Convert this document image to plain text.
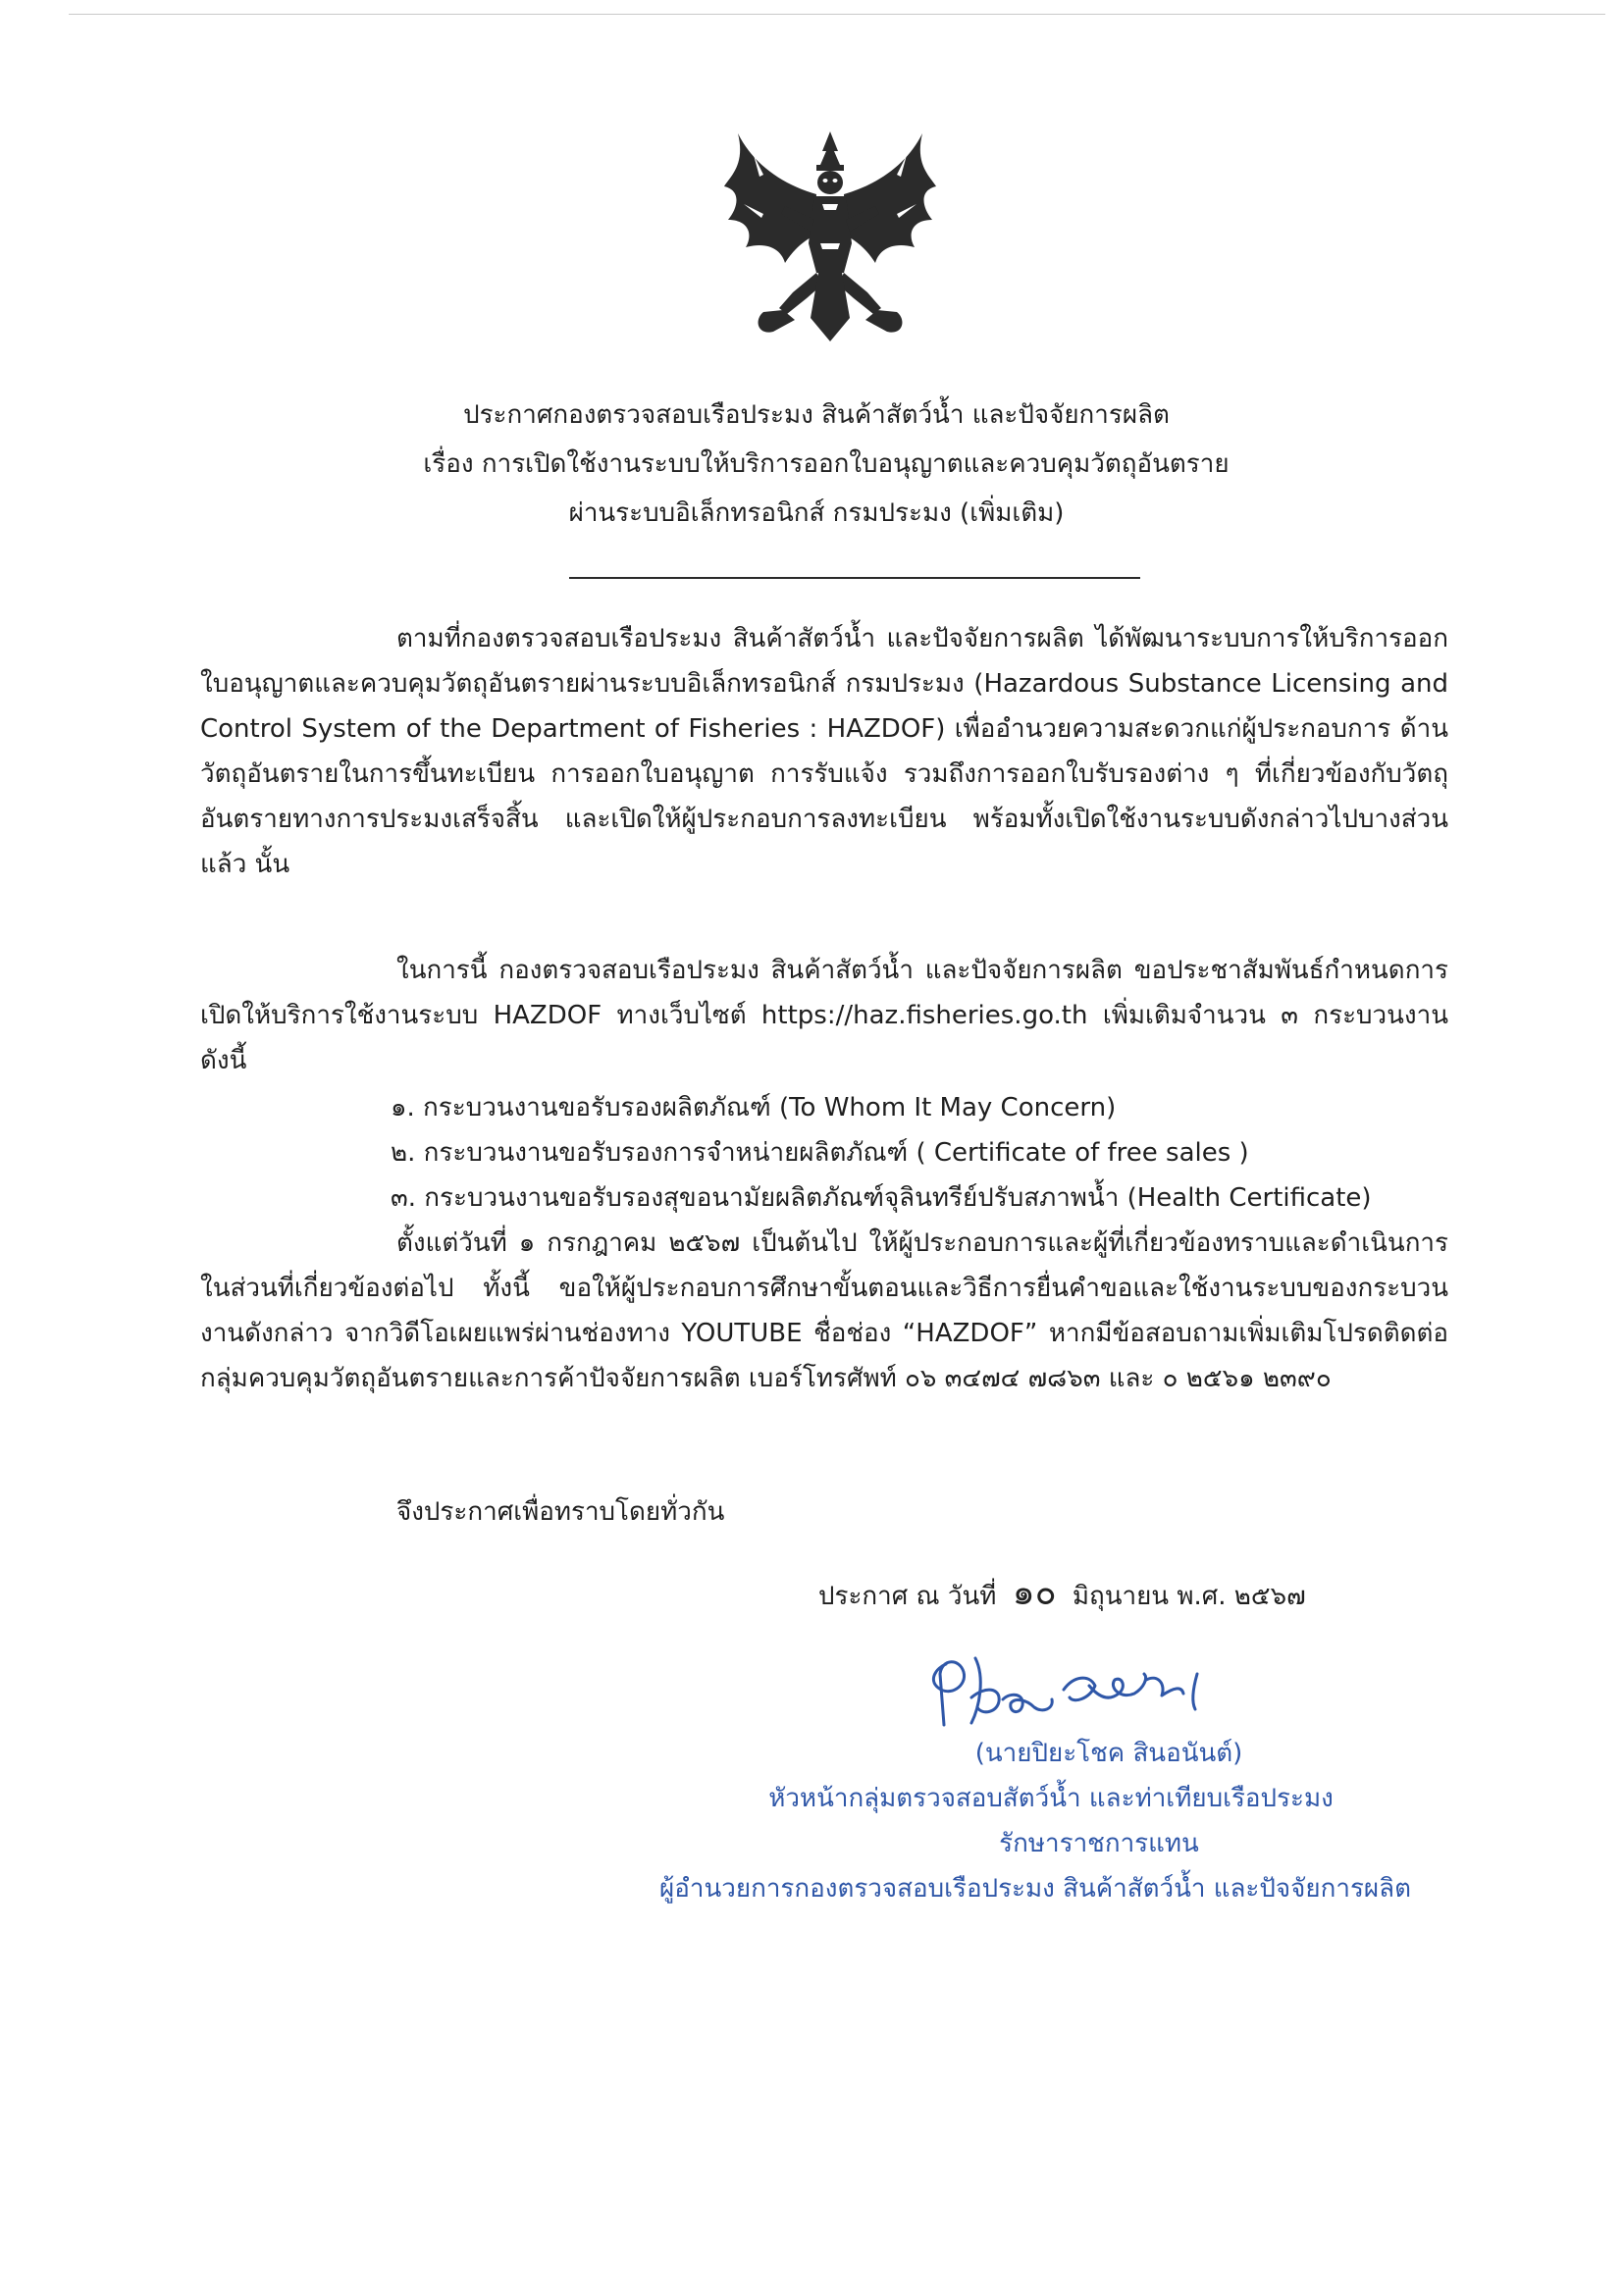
ประกาศกองตรวจสอบเรือประมง สินค้าสัตว์น้ำ และปัจจัยการผลิต
เรื่อง การเปิดใช้งานระบบให้บริการออกใบอนุญาตและควบคุมวัตถุอันตราย
ผ่านระบบอิเล็กทรอนิกส์ กรมประมง (เพิ่มเติม)
ตามที่กองตรวจสอบเรือประมง สินค้าสัตว์น้ำ และปัจจัยการผลิต ได้พัฒนาระบบการให้บริการออกใบอนุญาตและควบคุมวัตถุอันตรายผ่านระบบอิเล็กทรอนิกส์ กรมประมง (Hazardous Substance Licensing and Control System of the Department of Fisheries : HAZDOF) เพื่ออำนวยความสะดวกแก่ผู้ประกอบการ ด้านวัตถุอันตรายในการขึ้นทะเบียน การออกใบอนุญาต การรับแจ้ง รวมถึงการออกใบรับรองต่าง ๆ ที่เกี่ยวข้องกับวัตถุอันตรายทางการประมงเสร็จสิ้น และเปิดให้ผู้ประกอบการลงทะเบียน พร้อมทั้งเปิดใช้งานระบบดังกล่าวไปบางส่วนแล้ว นั้น
ในการนี้ กองตรวจสอบเรือประมง สินค้าสัตว์น้ำ และปัจจัยการผลิต ขอประชาสัมพันธ์กำหนดการเปิดให้บริการใช้งานระบบ HAZDOF ทางเว็บไซต์ https://haz.fisheries.go.th เพิ่มเติมจำนวน ๓ กระบวนงาน ดังนี้
๑. กระบวนงานขอรับรองผลิตภัณฑ์ (To Whom It May Concern)
๒. กระบวนงานขอรับรองการจำหน่ายผลิตภัณฑ์ ( Certificate of free sales )
๓. กระบวนงานขอรับรองสุขอนามัยผลิตภัณฑ์จุลินทรีย์ปรับสภาพน้ำ (Health Certificate)
ตั้งแต่วันที่ ๑ กรกฎาคม ๒๕๖๗ เป็นต้นไป ให้ผู้ประกอบการและผู้ที่เกี่ยวข้องทราบและดำเนินการในส่วนที่เกี่ยวข้องต่อไป ทั้งนี้ ขอให้ผู้ประกอบการศึกษาขั้นตอนและวิธีการยื่นคำขอและใช้งานระบบของกระบวนงานดังกล่าว จากวิดีโอเผยแพร่ผ่านช่องทาง YOUTUBE ชื่อช่อง “HAZDOF” หากมีข้อสอบถามเพิ่มเติมโปรดติดต่อกลุ่มควบคุมวัตถุอันตรายและการค้าปัจจัยการผลิต เบอร์โทรศัพท์ ๐๖ ๓๔๗๔ ๗๘๖๓ และ ๐ ๒๕๖๑ ๒๓๙๐
จึงประกาศเพื่อทราบโดยทั่วกัน
ประกาศ ณ วันที่ ๑๐ มิถุนายน พ.ศ. ๒๕๖๗
(นายปิยะโชค สินอนันต์)
หัวหน้ากลุ่มตรวจสอบสัตว์น้ำ และท่าเทียบเรือประมง
รักษาราชการแทน
ผู้อำนวยการกองตรวจสอบเรือประมง สินค้าสัตว์น้ำ และปัจจัยการผลิต
